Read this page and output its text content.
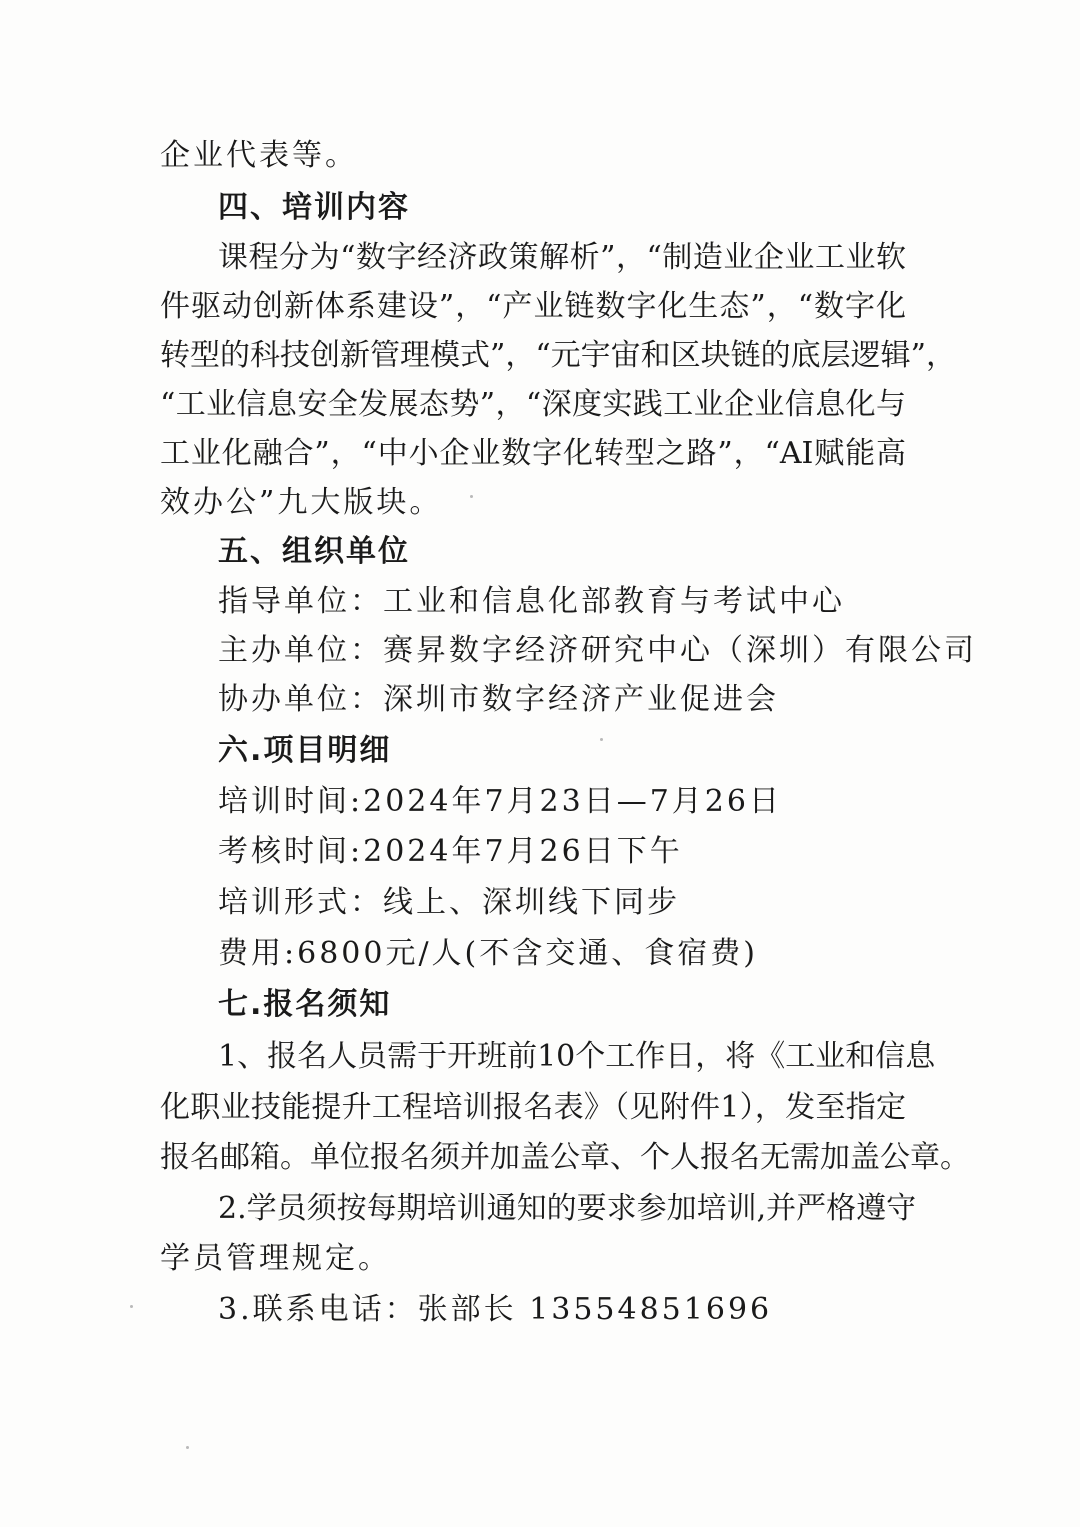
企业代表等。
四、培训内容
课程分为“数字经济政策解析”，“制造业企业工业软
件驱动创新体系建设”，“产业链数字化生态”，“数字化
转型的科技创新管理模式”，“元宇宙和区块链的底层逻辑”，
“工业信息安全发展态势”，“深度实践工业企业信息化与
工业化融合”，“中小企业数字化转型之路”，“AI赋能高
效办公”九大版块。
五、组织单位
指导单位：工业和信息化部教育与考试中心
主办单位：赛昇数字经济研究中心（深圳）有限公司
协办单位：深圳市数字经济产业促进会
六.项目明细
培训时间:2024年7月23日—7月26日
考核时间:2024年7月26日下午
培训形式：线上、深圳线下同步
费用:6800元/人(不含交通、食宿费)
七.报名须知
1、报名人员需于开班前10个工作日，将《工业和信息
化职业技能提升工程培训报名表》（见附件1），发至指定
报名邮箱。单位报名须并加盖公章、个人报名无需加盖公章。
2.学员须按每期培训通知的要求参加培训,并严格遵守
学员管理规定。
3.联系电话：张部长 13554851696
